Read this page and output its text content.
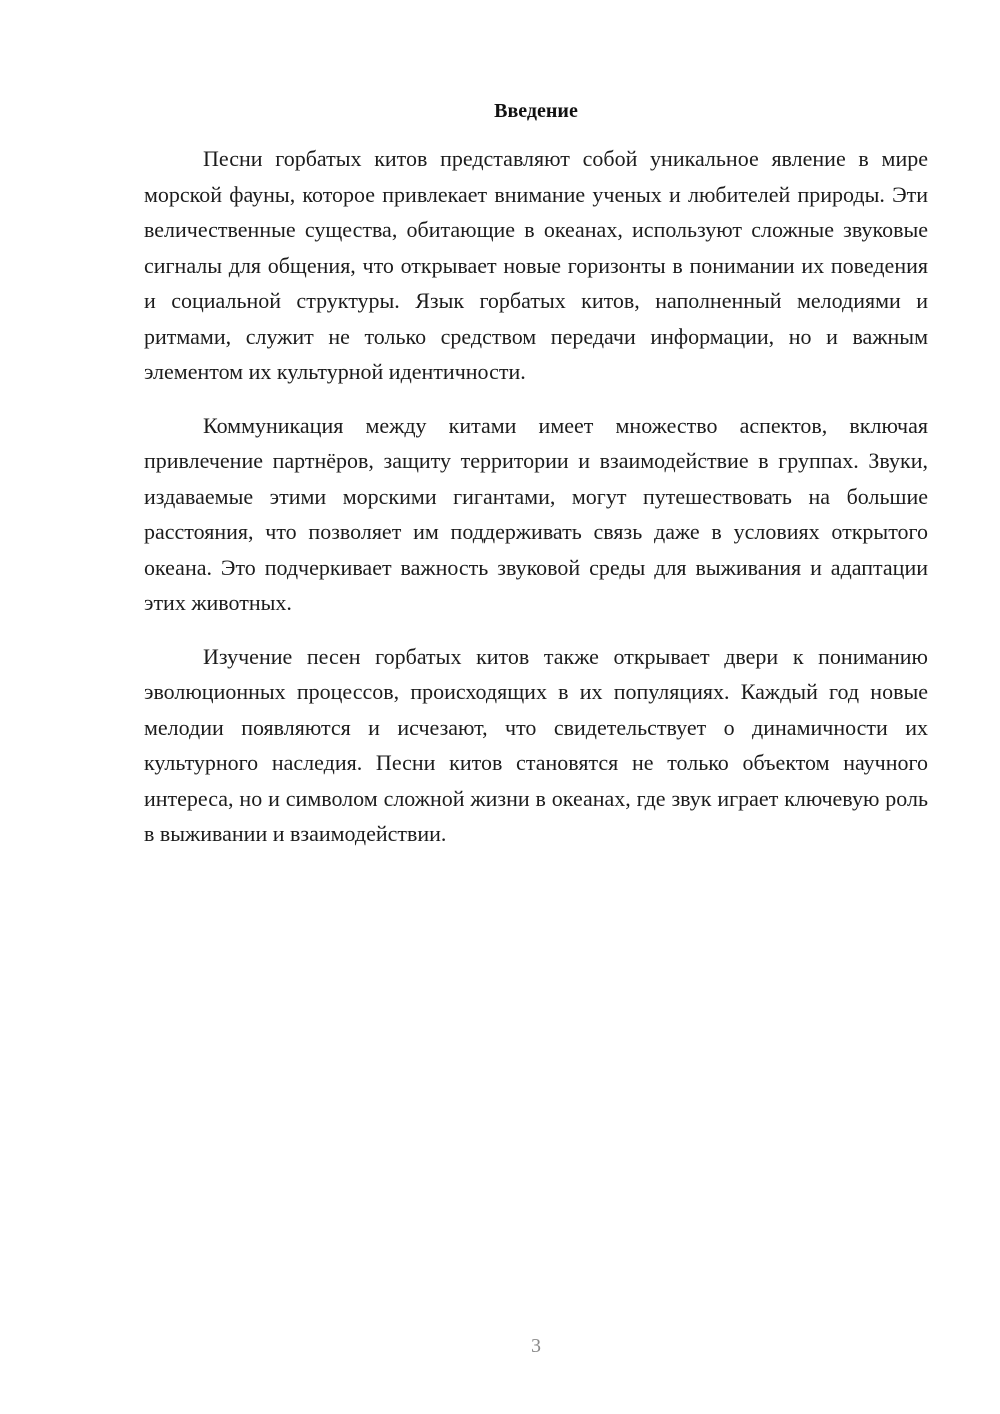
Введение

Песни горбатых китов представляют собой уникальное явление в мире морской фауны, которое привлекает внимание ученых и любителей природы. Эти величественные существа, обитающие в океанах, используют сложные звуковые сигналы для общения, что открывает новые горизонты в понимании их поведения и социальной структуры. Язык горбатых китов, наполненный мелодиями и ритмами, служит не только средством передачи информации, но и важным элементом их культурной идентичности.

Коммуникация между китами имеет множество аспектов, включая привлечение партнёров, защиту территории и взаимодействие в группах. Звуки, издаваемые этими морскими гигантами, могут путешествовать на большие расстояния, что позволяет им поддерживать связь даже в условиях открытого океана. Это подчеркивает важность звуковой среды для выживания и адаптации этих животных.

Изучение песен горбатых китов также открывает двери к пониманию эволюционных процессов, происходящих в их популяциях. Каждый год новые мелодии появляются и исчезают, что свидетельствует о динамичности их культурного наследия. Песни китов становятся не только объектом научного интереса, но и символом сложной жизни в океанах, где звук играет ключевую роль в выживании и взаимодействии.

3
